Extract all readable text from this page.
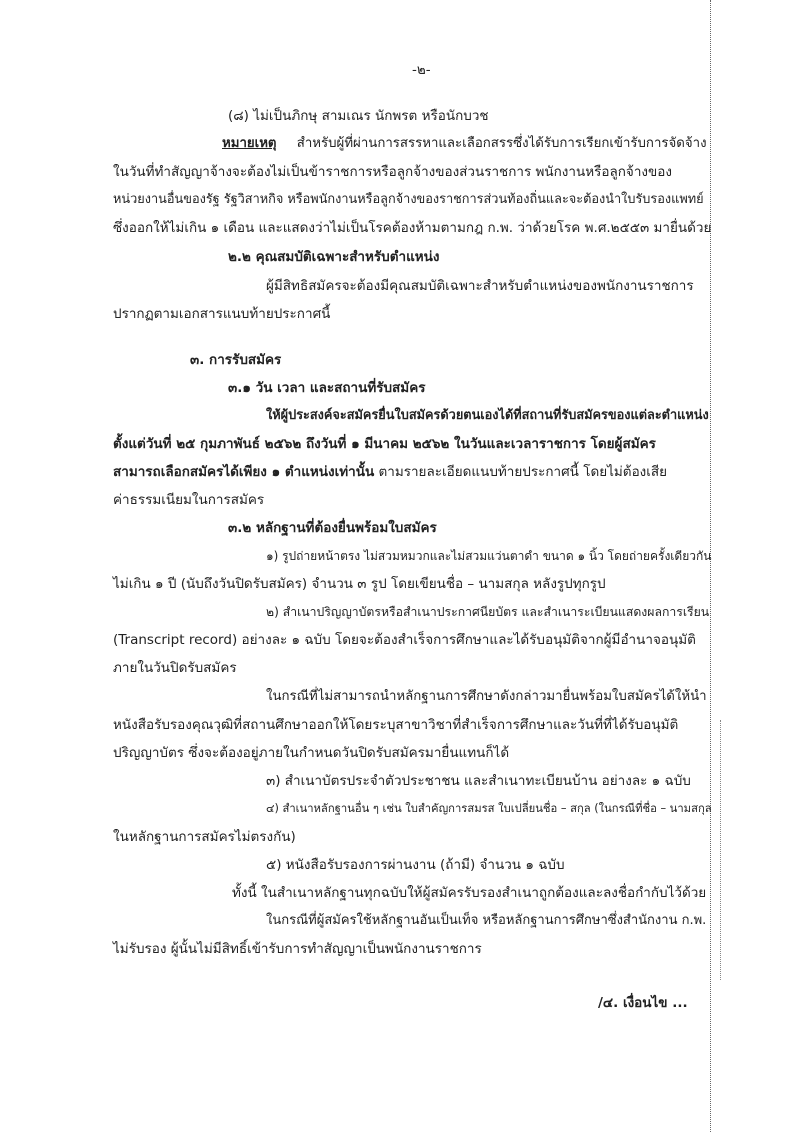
-๒-
(๘) ไม่เป็นภิกษุ สามเณร นักพรต หรือนักบวช
หมายเหตุ สำหรับผู้ที่ผ่านการสรรหาและเลือกสรรซึ่งได้รับการเรียกเข้ารับการจัดจ้าง
ในวันที่ทำสัญญาจ้างจะต้องไม่เป็นข้าราชการหรือลูกจ้างของส่วนราชการ พนักงานหรือลูกจ้างของ
หน่วยงานอื่นของรัฐ รัฐวิสาหกิจ หรือพนักงานหรือลูกจ้างของราชการส่วนท้องถิ่นและจะต้องนำใบรับรองแพทย์
ซึ่งออกให้ไม่เกิน ๑ เดือน และแสดงว่าไม่เป็นโรคต้องห้ามตามกฎ ก.พ. ว่าด้วยโรค พ.ศ.๒๕๕๓ มายื่นด้วย
๒.๒ คุณสมบัติเฉพาะสำหรับตำแหน่ง
ผู้มีสิทธิสมัครจะต้องมีคุณสมบัติเฉพาะสำหรับตำแหน่งของพนักงานราชการ
ปรากฏตามเอกสารแนบท้ายประกาศนี้
๓. การรับสมัคร
๓.๑ วัน เวลา และสถานที่รับสมัคร
ให้ผู้ประสงค์จะสมัครยื่นใบสมัครด้วยตนเองได้ที่สถานที่รับสมัครของแต่ละตำแหน่ง
ตั้งแต่วันที่ ๒๕ กุมภาพันธ์ ๒๕๖๒ ถึงวันที่ ๑ มีนาคม ๒๕๖๒ ในวันและเวลาราชการ โดยผู้สมัคร
สามารถเลือกสมัครได้เพียง ๑ ตำแหน่งเท่านั้น ตามรายละเอียดแนบท้ายประกาศนี้ โดยไม่ต้องเสีย
ค่าธรรมเนียมในการสมัคร
๓.๒ หลักฐานที่ต้องยื่นพร้อมใบสมัคร
๑) รูปถ่ายหน้าตรง ไม่สวมหมวกและไม่สวมแว่นตาดำ ขนาด ๑ นิ้ว โดยถ่ายครั้งเดียวกัน
ไม่เกิน ๑ ปี (นับถึงวันปิดรับสมัคร) จำนวน ๓ รูป โดยเขียนชื่อ – นามสกุล หลังรูปทุกรูป
๒) สำเนาปริญญาบัตรหรือสำเนาประกาศนียบัตร และสำเนาระเบียนแสดงผลการเรียน
(Transcript record) อย่างละ ๑ ฉบับ โดยจะต้องสำเร็จการศึกษาและได้รับอนุมัติจากผู้มีอำนาจอนุมัติ
ภายในวันปิดรับสมัคร
ในกรณีที่ไม่สามารถนำหลักฐานการศึกษาดังกล่าวมายื่นพร้อมใบสมัครได้ให้นำ
หนังสือรับรองคุณวุฒิที่สถานศึกษาออกให้โดยระบุสาขาวิชาที่สำเร็จการศึกษาและวันที่ที่ได้รับอนุมัติ
ปริญญาบัตร ซึ่งจะต้องอยู่ภายในกำหนดวันปิดรับสมัครมายื่นแทนก็ได้
๓) สำเนาบัตรประจำตัวประชาชน และสำเนาทะเบียนบ้าน อย่างละ ๑ ฉบับ
๔) สำเนาหลักฐานอื่น ๆ เช่น ใบสำคัญการสมรส ใบเปลี่ยนชื่อ – สกุล (ในกรณีที่ชื่อ – นามสกุล
ในหลักฐานการสมัครไม่ตรงกัน)
๕) หนังสือรับรองการผ่านงาน (ถ้ามี) จำนวน ๑ ฉบับ
ทั้งนี้ ในสำเนาหลักฐานทุกฉบับให้ผู้สมัครรับรองสำเนาถูกต้องและลงชื่อกำกับไว้ด้วย
ในกรณีที่ผู้สมัครใช้หลักฐานอันเป็นเท็จ หรือหลักฐานการศึกษาซึ่งสำนักงาน ก.พ.
ไม่รับรอง ผู้นั้นไม่มีสิทธิ์เข้ารับการทำสัญญาเป็นพนักงานราชการ
/๔. เงื่อนไข ...
